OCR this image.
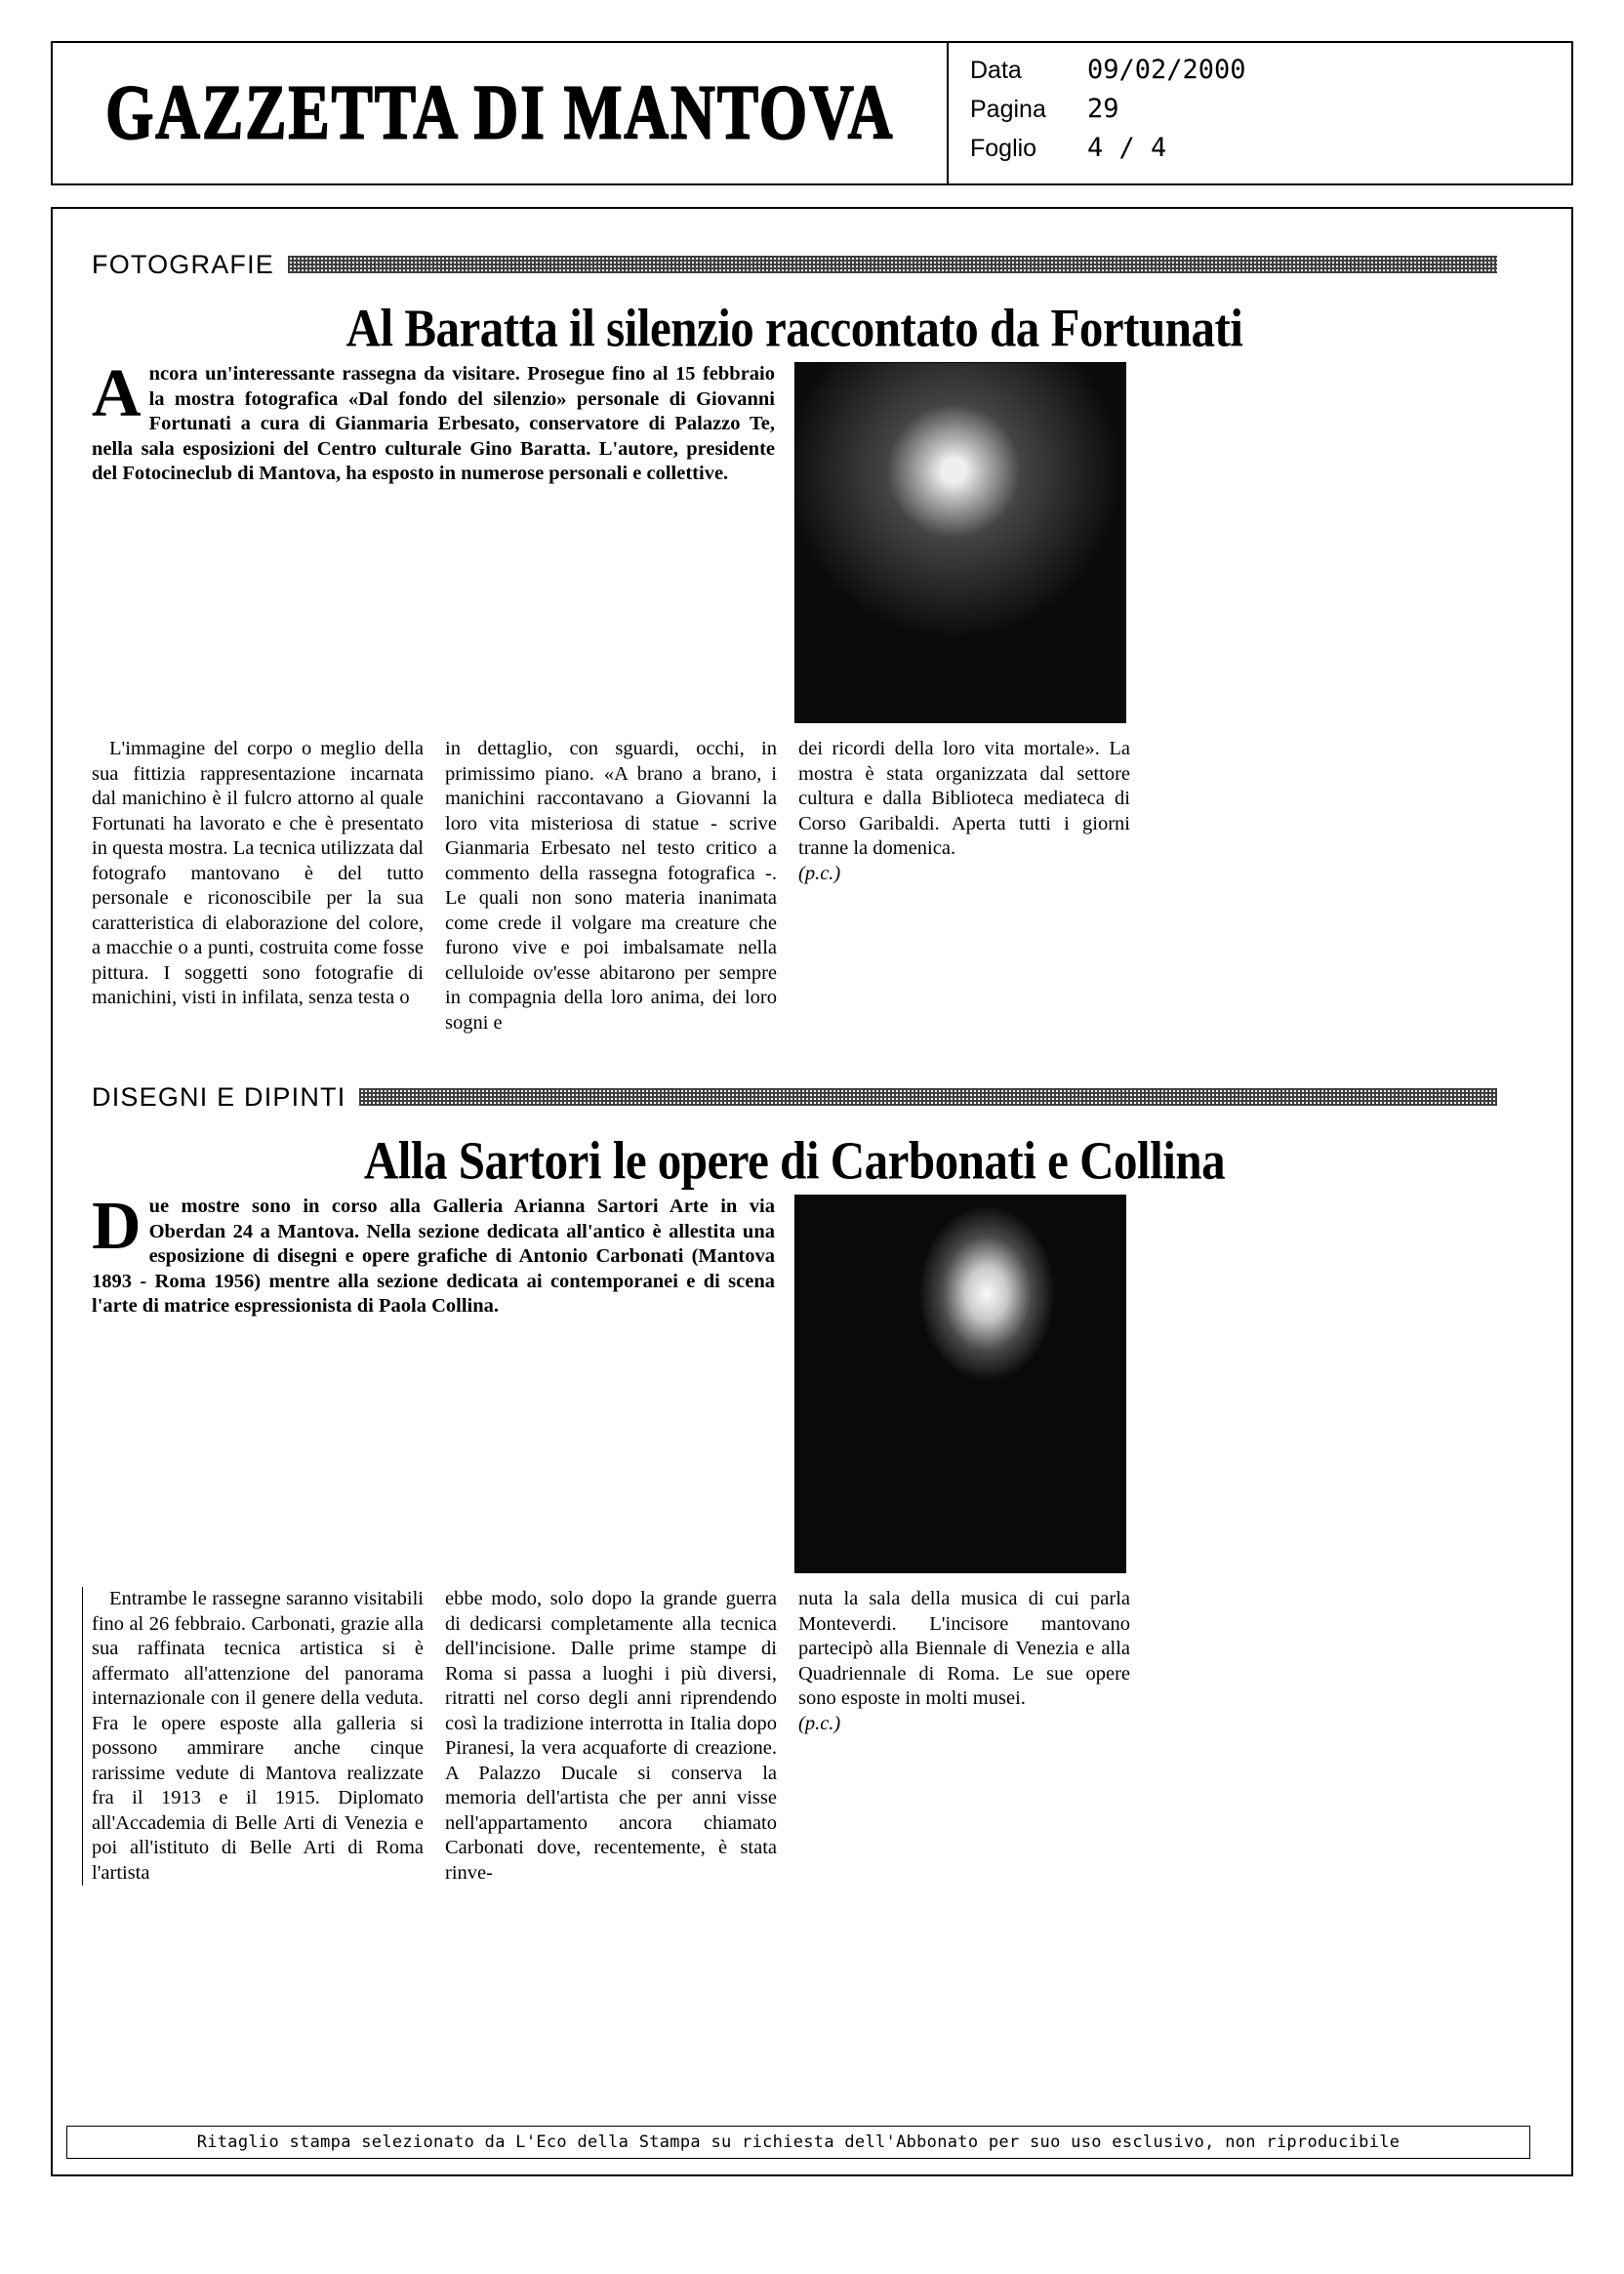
GAZZETTA DI MANTOVA	Data	09/02/2000
Pagina	29
Foglio	4 / 4
FOTOGRAFIE
Al Baratta il silenzio raccontato da Fortunati
Ancora un'interessante rassegna da visitare. Prosegue fino al 15 febbraio la mostra fotografica «Dal fondo del silenzio» personale di Giovanni Fortunati a cura di Gianmaria Erbesato, conservatore di Palazzo Te, nella sala esposizioni del Centro culturale Gino Baratta. L'autore, presidente del Fotocineclub di Mantova, ha esposto in numerose personali e collettive.

L'immagine del corpo o meglio della sua fittizia rappresentazione incarnata dal manichino è il fulcro attorno al quale Fortunati ha lavorato e che è presentato in questa mostra. La tecnica utilizzata dal fotografo mantovano è del tutto personale e riconoscibile per la sua caratteristica di elaborazione del colore, a macchie o a punti, costruita come fosse pittura. I soggetti sono fotografie di manichini, visti in infilata, senza testa o

in dettaglio, con sguardi, occhi, in primissimo piano. «A brano a brano, i manichini raccontavano a Giovanni la loro vita misteriosa di statue - scrive Gianmaria Erbesato nel testo critico a commento della rassegna fotografica -. Le quali non sono materia inanimata come crede il volgare ma creature che furono vive e poi imbalsamate nella celluloide ov'esse abitarono per sempre in compagnia della loro anima, dei loro sogni e

dei ricordi della loro vita mortale». La mostra è stata organizzata dal settore cultura e dalla Biblioteca mediateca di Corso Garibaldi. Aperta tutti i giorni tranne la domenica.

(p.c.)

DISEGNI E DIPINTI
Alla Sartori le opere di Carbonati e Collina
Due mostre sono in corso alla Galleria Arianna Sartori Arte in via Oberdan 24 a Mantova. Nella sezione dedicata all'antico è allestita una esposizione di disegni e opere grafiche di Antonio Carbonati (Mantova 1893 - Roma 1956) mentre alla sezione dedicata ai contemporanei e di scena l'arte di matrice espressionista di Paola Collina.

Entrambe le rassegne saranno visitabili fino al 26 febbraio. Carbonati, grazie alla sua raffinata tecnica artistica si è affermato all'attenzione del panorama internazionale con il genere della veduta. Fra le opere esposte alla galleria si possono ammirare anche cinque rarissime vedute di Mantova realizzate fra il 1913 e il 1915. Diplomato all'Accademia di Belle Arti di Venezia e poi all'istituto di Belle Arti di Roma l'artista

ebbe modo, solo dopo la grande guerra di dedicarsi completamente alla tecnica dell'incisione. Dalle prime stampe di Roma si passa a luoghi i più diversi, ritratti nel corso degli anni riprendendo così la tradizione interrotta in Italia dopo Piranesi, la vera acquaforte di creazione. A Palazzo Ducale si conserva la memoria dell'artista che per anni visse nell'appartamento ancora chiamato Carbonati dove, recentemente, è stata rinve-

nuta la sala della musica di cui parla Monteverdi. L'incisore mantovano partecipò alla Biennale di Venezia e alla Quadriennale di Roma. Le sue opere sono esposte in molti musei.

(p.c.)

Ritaglio stampa selezionato da L'Eco della Stampa su richiesta dell'Abbonato per suo uso esclusivo, non riproducibile
